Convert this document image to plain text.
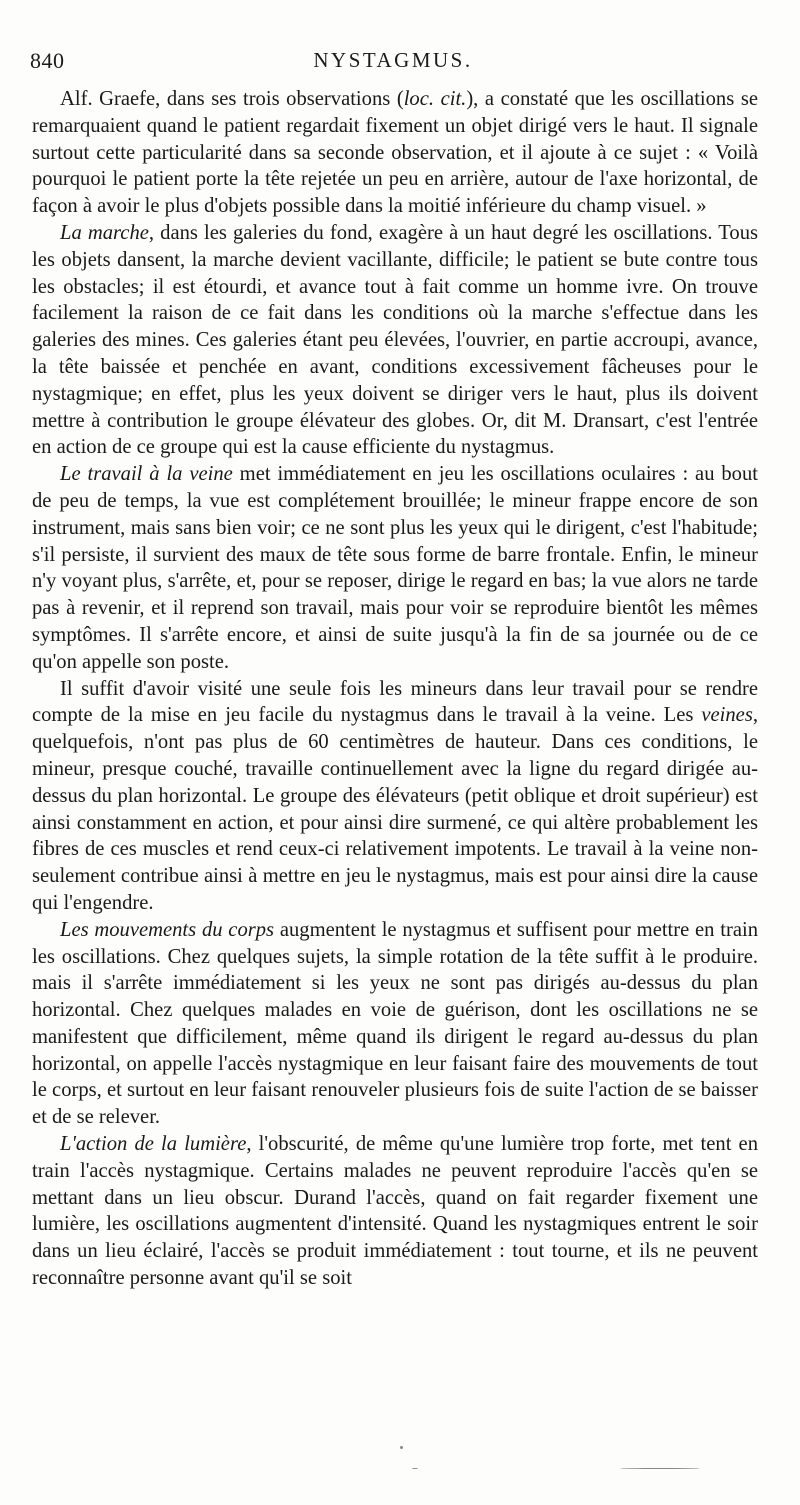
840	NYSTAGMUS.

Alf. Graefe, dans ses trois observations (loc. cit.), a constaté que les oscillations se remarquaient quand le patient regardait fixement un objet dirigé vers le haut. Il signale surtout cette particularité dans sa seconde observation, et il ajoute à ce sujet : « Voilà pourquoi le patient porte la tête rejetée un peu en arrière, autour de l'axe horizontal, de façon à avoir le plus d'objets possible dans la moitié inférieure du champ visuel. »

La marche, dans les galeries du fond, exagère à un haut degré les oscillations. Tous les objets dansent, la marche devient vacillante, difficile; le patient se bute contre tous les obstacles; il est étourdi, et avance tout à fait comme un homme ivre. On trouve facilement la raison de ce fait dans les conditions où la marche s'effectue dans les galeries des mines. Ces galeries étant peu élevées, l'ouvrier, en partie accroupi, avance, la tête baissée et penchée en avant, conditions excessivement fâcheuses pour le nystagmique; en effet, plus les yeux doivent se diriger vers le haut, plus ils doivent mettre à contribution le groupe élévateur des globes. Or, dit M. Dransart, c'est l'entrée en action de ce groupe qui est la cause efficiente du nystagmus.

Le travail à la veine met immédiatement en jeu les oscillations oculaires : au bout de peu de temps, la vue est complétement brouillée; le mineur frappe encore de son instrument, mais sans bien voir; ce ne sont plus les yeux qui le dirigent, c'est l'habitude; s'il persiste, il survient des maux de tête sous forme de barre frontale. Enfin, le mineur n'y voyant plus, s'arrête, et, pour se reposer, dirige le regard en bas; la vue alors ne tarde pas à revenir, et il reprend son travail, mais pour voir se reproduire bientôt les mêmes symptômes. Il s'arrête encore, et ainsi de suite jusqu'à la fin de sa journée ou de ce qu'on appelle son poste.

Il suffit d'avoir visité une seule fois les mineurs dans leur travail pour se rendre compte de la mise en jeu facile du nystagmus dans le travail à la veine. Les veines, quelquefois, n'ont pas plus de 60 centimètres de hauteur. Dans ces conditions, le mineur, presque couché, travaille continuellement avec la ligne du regard dirigée au-dessus du plan horizontal. Le groupe des élévateurs (petit oblique et droit supérieur) est ainsi constamment en action, et pour ainsi dire surmené, ce qui altère probablement les fibres de ces muscles et rend ceux-ci relativement impotents. Le travail à la veine non-seulement contribue ainsi à mettre en jeu le nystagmus, mais est pour ainsi dire la cause qui l'engendre.

Les mouvements du corps augmentent le nystagmus et suffisent pour mettre en train les oscillations. Chez quelques sujets, la simple rotation de la tête suffit à le produire. mais il s'arrête immédiatement si les yeux ne sont pas dirigés au-dessus du plan horizontal. Chez quelques malades en voie de guérison, dont les oscillations ne se manifestent que difficilement, même quand ils dirigent le regard au-dessus du plan horizontal, on appelle l'accès nystagmique en leur faisant faire des mouvements de tout le corps, et surtout en leur faisant renouveler plusieurs fois de suite l'action de se baisser et de se relever.

L'action de la lumière, l'obscurité, de même qu'une lumière trop forte, met tent en train l'accès nystagmique. Certains malades ne peuvent reproduire l'accès qu'en se mettant dans un lieu obscur. Durand l'accès, quand on fait regarder fixement une lumière, les oscillations augmentent d'intensité. Quand les nystagmiques entrent le soir dans un lieu éclairé, l'accès se produit immédiatement : tout tourne, et ils ne peuvent reconnaître personne avant qu'il se soit
